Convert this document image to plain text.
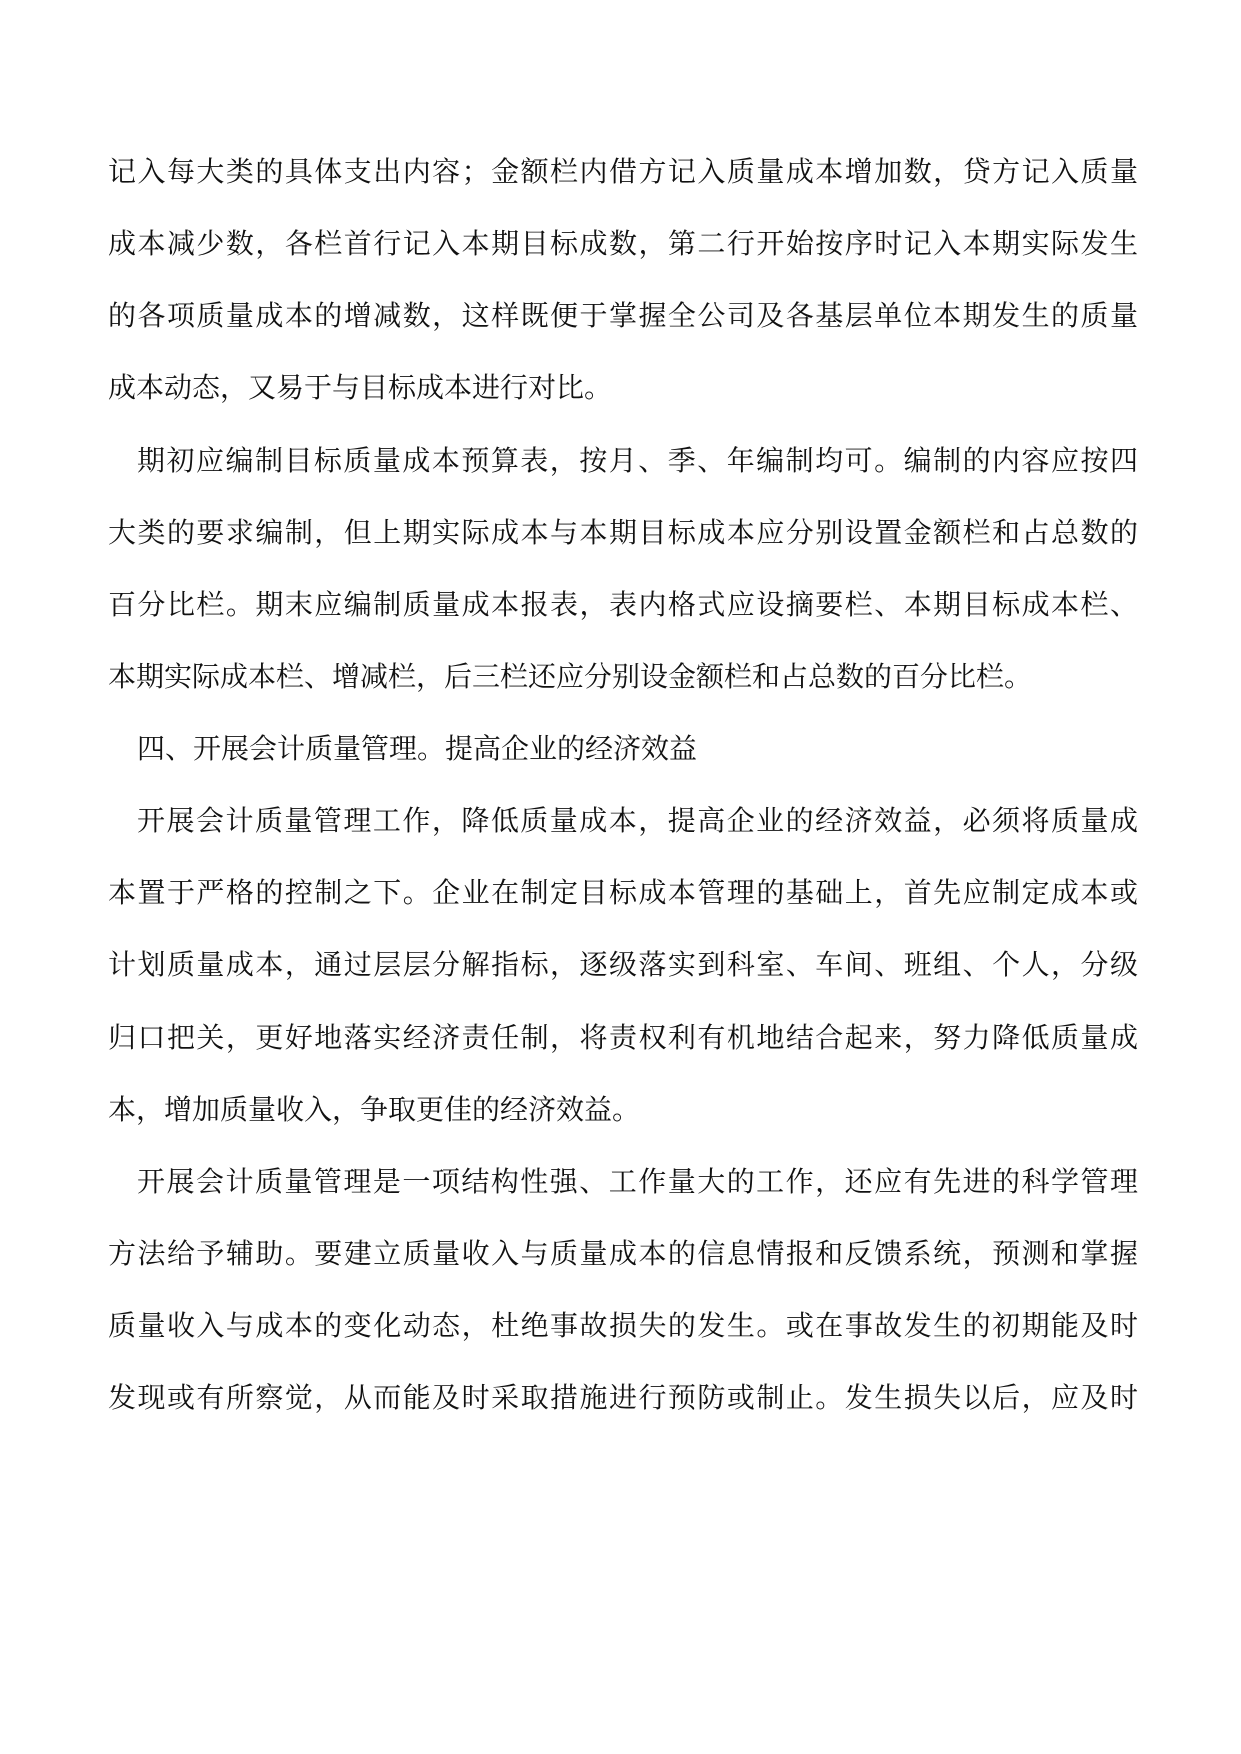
记入每大类的具体支出内容；金额栏内借方记入质量成本增加数，贷方记入质量
成本减少数，各栏首行记入本期目标成数，第二行开始按序时记入本期实际发生
的各项质量成本的增减数，这样既便于掌握全公司及各基层单位本期发生的质量
成本动态，又易于与目标成本进行对比。
期初应编制目标质量成本预算表，按月、季、年编制均可。编制的内容应按四
大类的要求编制，但上期实际成本与本期目标成本应分别设置金额栏和占总数的
百分比栏。期末应编制质量成本报表，表内格式应设摘要栏、本期目标成本栏、
本期实际成本栏、增减栏，后三栏还应分别设金额栏和占总数的百分比栏。
四、开展会计质量管理。提高企业的经济效益
开展会计质量管理工作，降低质量成本，提高企业的经济效益，必须将质量成
本置于严格的控制之下。企业在制定目标成本管理的基础上，首先应制定成本或
计划质量成本，通过层层分解指标，逐级落实到科室、车间、班组、个人，分级
归口把关，更好地落实经济责任制，将责权利有机地结合起来，努力降低质量成
本，增加质量收入，争取更佳的经济效益。
开展会计质量管理是一项结构性强、工作量大的工作，还应有先进的科学管理
方法给予辅助。要建立质量收入与质量成本的信息情报和反馈系统，预测和掌握
质量收入与成本的变化动态，杜绝事故损失的发生。或在事故发生的初期能及时
发现或有所察觉，从而能及时采取措施进行预防或制止。发生损失以后，应及时
